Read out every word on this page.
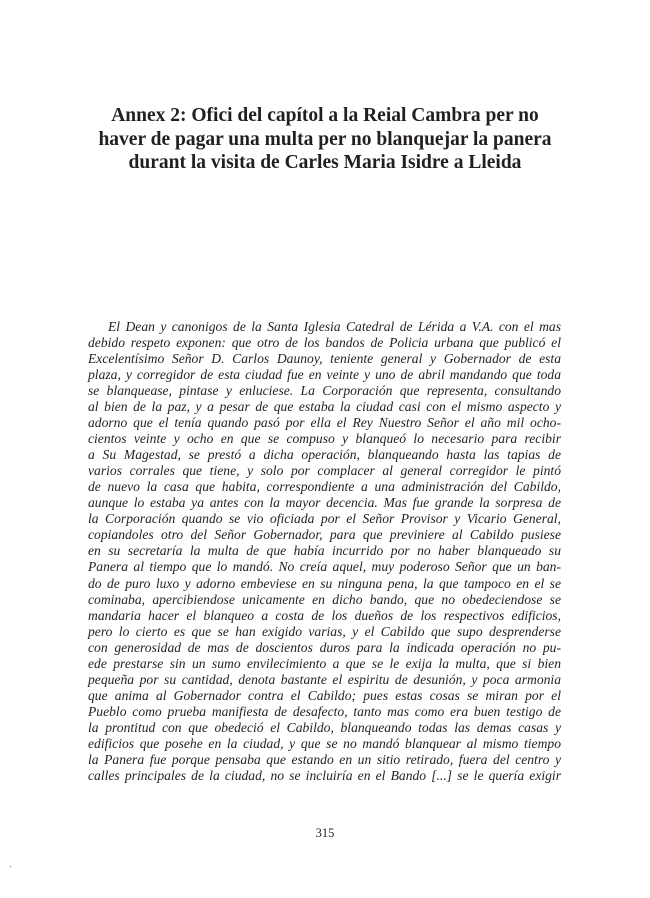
Annex 2: Ofici del capítol a la Reial Cambra per no
haver de pagar una multa per no blanquejar la panera
durant la visita de Carles Maria Isidre a Lleida
El Dean y canonigos de la Santa Iglesia Catedral de Lérida a V.A. con el mas
debido respeto exponen: que otro de los bandos de Policia urbana que publicó el
Excelentísimo Señor D. Carlos Daunoy, teniente general y Gobernador de esta
plaza, y corregidor de esta ciudad fue en veinte y uno de abril mandando que toda
se blanquease, pintase y enluciese. La Corporación que representa, consultando
al bien de la paz, y a pesar de que estaba la ciudad casi con el mismo aspecto y
adorno que el tenía quando pasó por ella el Rey Nuestro Señor el año mil ocho-
cientos veinte y ocho en que se compuso y blanqueó lo necesario para recibir
a Su Magestad, se prestó a dicha operación, blanqueando hasta las tapias de
varios corrales que tiene, y solo por complacer al general corregidor le pintó
de nuevo la casa que habita, correspondiente a una administración del Cabildo,
aunque lo estaba ya antes con la mayor decencia. Mas fue grande la sorpresa de
la Corporación quando se vio oficiada por el Señor Provisor y Vicario General,
copiandoles otro del Señor Gobernador, para que previniere al Cabildo pusiese
en su secretaría la multa de que había incurrido por no haber blanqueado su
Panera al tiempo que lo mandó. No creía aquel, muy poderoso Señor que un ban-
do de puro luxo y adorno embeviese en su ninguna pena, la que tampoco en el se
cominaba, apercibiendose unicamente en dicho bando, que no obedeciendose se
mandaria hacer el blanqueo a costa de los dueños de los respectivos edificios,
pero lo cierto es que se han exigido varias, y el Cabildo que supo desprenderse
con generosidad de mas de doscientos duros para la indicada operación no pu-
ede prestarse sin un sumo envilecimiento a que se le exija la multa, que si bien
pequeña por su cantidad, denota bastante el espiritu de desunión, y poca armonia
que anima al Gobernador contra el Cabildo; pues estas cosas se miran por el
Pueblo como prueba manifiesta de desafecto, tanto mas como era buen testigo de
la prontitud con que obedeció el Cabildo, blanqueando todas las demas casas y
edificios que posehe en la ciudad, y que se no mandó blanquear al mismo tiempo
la Panera fue porque pensaba que estando en un sitio retirado, fuera del centro y
calles principales de la ciudad, no se incluiría en el Bando [...] se le quería exigir
315
